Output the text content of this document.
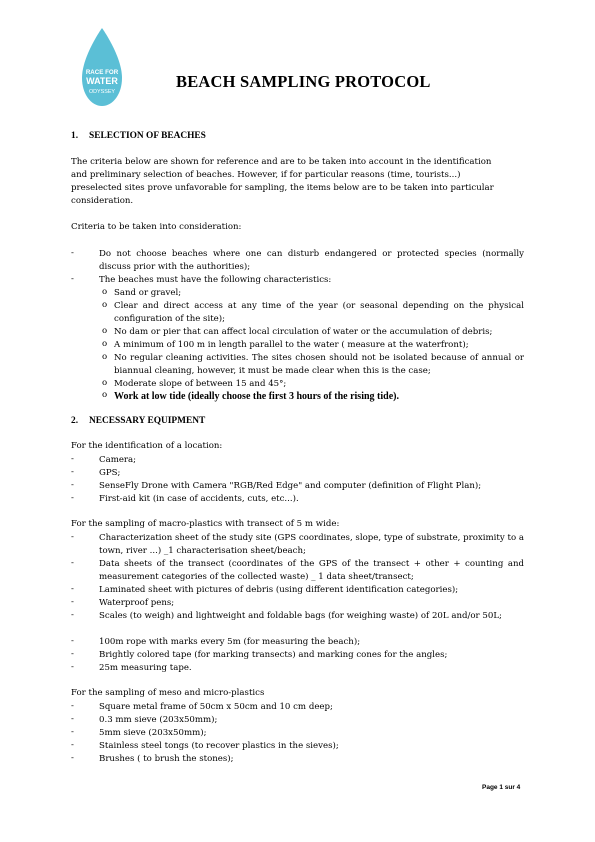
RACE FOR
WATER
ODYSSEY
BEACH SAMPLING PROTOCOL
1. SELECTION OF BEACHES
The criteria below are shown for reference and are to be taken into account in the identification
and preliminary selection of beaches. However, if for particular reasons (time, tourists...)
preselected sites prove unfavorable for sampling, the items below are to be taken into particular
consideration.
Criteria to be taken into consideration:
-	Do not choose beaches where one can disturb endangered or protected species (normally discuss prior with the authorities);
-	The beaches must have the following characteristics:
o Sand or gravel;
o Clear and direct access at any time of the year (or seasonal depending on the physical configuration of the site);
o No dam or pier that can affect local circulation of water or the accumulation of debris;
o A minimum of 100 m in length parallel to the water ( measure at the waterfront);
o No regular cleaning activities. The sites chosen should not be isolated because of annual or biannual cleaning, however, it must be made clear when this is the case;
o Moderate slope of between 15 and 45°;
o Work at low tide (ideally choose the first 3 hours of the rising tide).
2. NECESSARY EQUIPMENT
For the identification of a location:
-	Camera;
-	GPS;
-	SenseFly Drone with Camera "RGB/Red Edge" and computer (definition of Flight Plan);
-	First-aid kit (in case of accidents, cuts, etc...).
For the sampling of macro-plastics with transect of 5 m wide:
-	Characterization sheet of the study site (GPS coordinates, slope, type of substrate, proximity to a town, river ...) _1 characterisation sheet/beach;
-	Data sheets of the transect (coordinates of the GPS of the transect + other + counting and measurement categories of the collected waste) _ 1 data sheet/transect;
-	Laminated sheet with pictures of debris (using different identification categories);
-	Waterproof pens;
-	Scales (to weigh) and lightweight and foldable bags (for weighing waste) of 20L and/or 50L;
-	100m rope with marks every 5m (for measuring the beach);
-	Brightly colored tape (for marking transects) and marking cones for the angles;
-	25m measuring tape.
For the sampling of meso and micro-plastics
-	Square metal frame of 50cm x 50cm and 10 cm deep;
-	0.3 mm sieve (203x50mm);
-	5mm sieve (203x50mm);
-	Stainless steel tongs (to recover plastics in the sieves);
-	Brushes ( to brush the stones);
Page 1 sur 4
